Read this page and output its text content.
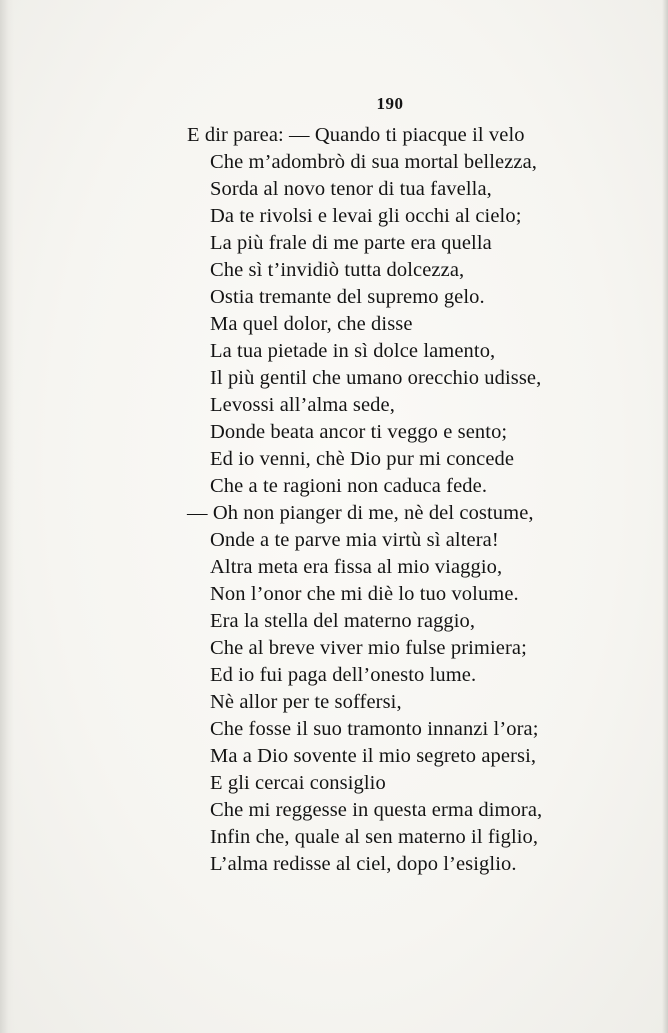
190
E dir parea: — Quando ti piacque il velo
Che m’adombrò di sua mortal bellezza,
Sorda al novo tenor di tua favella,
Da te rivolsi e levai gli occhi al cielo;
La più frale di me parte era quella
Che sì t’invidiò tutta dolcezza,
Ostia tremante del supremo gelo.
Ma quel dolor, che disse
La tua pietade in sì dolce lamento,
Il più gentil che umano orecchio udisse,
Levossi all’alma sede,
Donde beata ancor ti veggo e sento;
Ed io venni, chè Dio pur mi concede
Che a te ragioni non caduca fede.
— Oh non pianger di me, nè del costume,
Onde a te parve mia virtù sì altera!
Altra meta era fissa al mio viaggio,
Non l’onor che mi diè lo tuo volume.
Era la stella del materno raggio,
Che al breve viver mio fulse primiera;
Ed io fui paga dell’onesto lume.
Nè allor per te soffersi,
Che fosse il suo tramonto innanzi l’ora;
Ma a Dio sovente il mio segreto apersi,
E gli cercai consiglio
Che mi reggesse in questa erma dimora,
Infin che, quale al sen materno il figlio,
L’alma redisse al ciel, dopo l’esiglio.
